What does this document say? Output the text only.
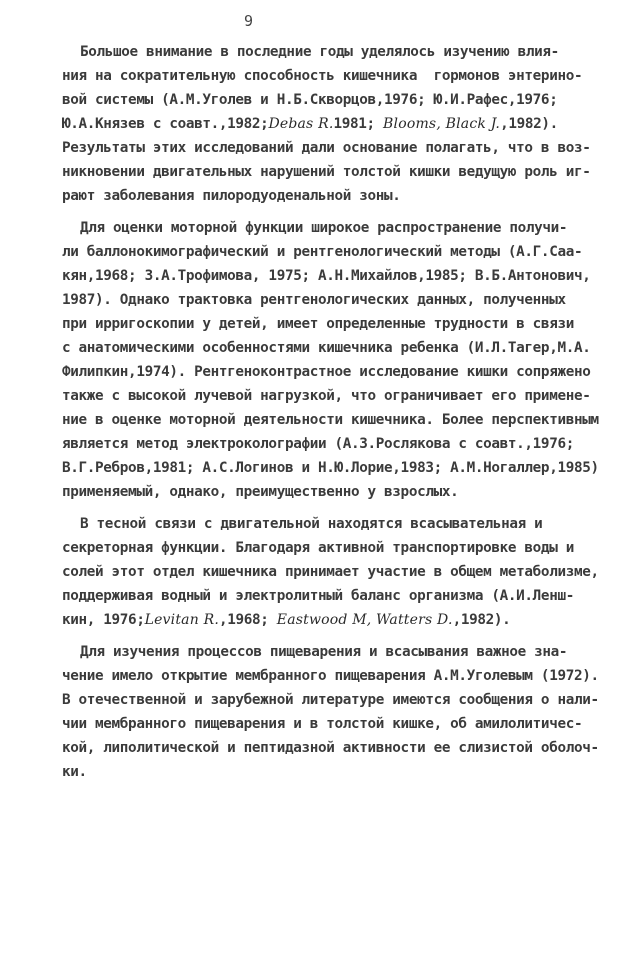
9
Большое внимание в последние годы уделялось изучению влия-
ния на сократительную способность кишечника  гормонов энтерино-
вой системы (А.М.Уголев и Н.Б.Скворцов,1976; Ю.И.Рафес,1976;
Ю.А.Князев с соавт.,1982;Debas R.1981; Blooms, Black J.,1982).
Результаты этих исследований дали основание полагать, что в воз-
никновении двигательных нарушений толстой кишки ведущую роль иг-
рают заболевания пилородуоденальной зоны.
Для оценки моторной функции широкое распространение получи-
ли баллонокимографический и рентгенологический методы (А.Г.Саа-
кян,1968; З.А.Трофимова, 1975; А.Н.Михайлов,1985; В.Б.Антонович,
1987). Однако трактовка рентгенологических данных, полученных
при ирригоскопии у детей, имеет определенные трудности в связи
с анатомическими особенностями кишечника ребенка (И.Л.Тагер,М.А.
Филипкин,1974). Рентгеноконтрастное исследование кишки сопряжено
также с высокой лучевой нагрузкой, что ограничивает его примене-
ние в оценке моторной деятельности кишечника. Более перспективным
является метод электроколографии (А.З.Рослякова с соавт.,1976;
В.Г.Ребров,1981; А.С.Логинов и Н.Ю.Лорие,1983; А.М.Ногаллер,1985)
применяемый, однако, преимущественно у взрослых.
В тесной связи с двигательной находятся всасывательная и
секреторная функции. Благодаря активной транспортировке воды и
солей этот отдел кишечника принимает участие в общем метаболизме,
поддерживая водный и электролитный баланс организма (А.И.Ленш-
кин, 1976;Levitan R.,1968; Eastwood M, Watters D.,1982).
Для изучения процессов пищеварения и всасывания важное зна-
чение имело открытие мембранного пищеварения А.М.Уголевым (1972).
В отечественной и зарубежной литературе имеются сообщения о нали-
чии мембранного пищеварения и в толстой кишке, об амилолитичес-
кой, липолитической и пептидазной активности ее слизистой оболоч-
ки.
